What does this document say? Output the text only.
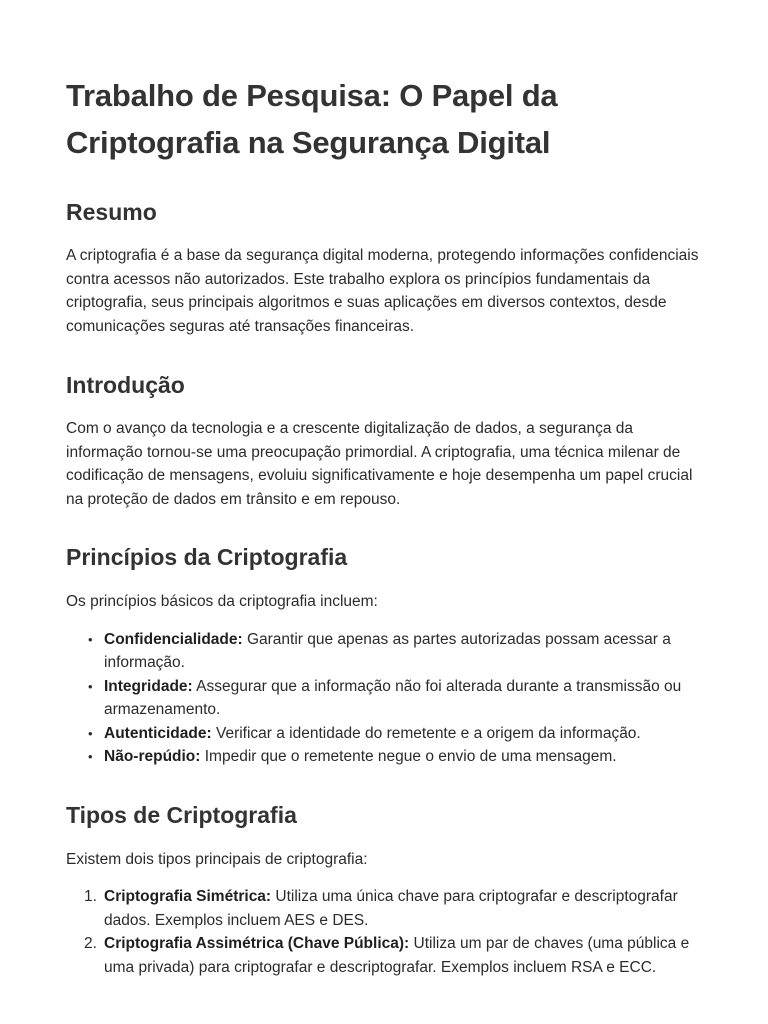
Trabalho de Pesquisa: O Papel da Criptografia na Segurança Digital
Resumo

A criptografia é a base da segurança digital moderna, protegendo informações confidenciais contra acessos não autorizados. Este trabalho explora os princípios fundamentais da criptografia, seus principais algoritmos e suas aplicações em diversos contextos, desde comunicações seguras até transações financeiras.

Introdução

Com o avanço da tecnologia e a crescente digitalização de dados, a segurança da informação tornou-se uma preocupação primordial. A criptografia, uma técnica milenar de codificação de mensagens, evoluiu significativamente e hoje desempenha um papel crucial na proteção de dados em trânsito e em repouso.

Princípios da Criptografia

Os princípios básicos da criptografia incluem:

• Confidencialidade: Garantir que apenas as partes autorizadas possam acessar a informação.
• Integridade: Assegurar que a informação não foi alterada durante a transmissão ou armazenamento.
• Autenticidade: Verificar a identidade do remetente e a origem da informação.
• Não-repúdio: Impedir que o remetente negue o envio de uma mensagem.
Tipos de Criptografia

Existem dois tipos principais de criptografia:

1. Criptografia Simétrica: Utiliza uma única chave para criptografar e descriptografar dados. Exemplos incluem AES e DES.
2. Criptografia Assimétrica (Chave Pública): Utiliza um par de chaves (uma pública e uma privada) para criptografar e descriptografar. Exemplos incluem RSA e ECC.
